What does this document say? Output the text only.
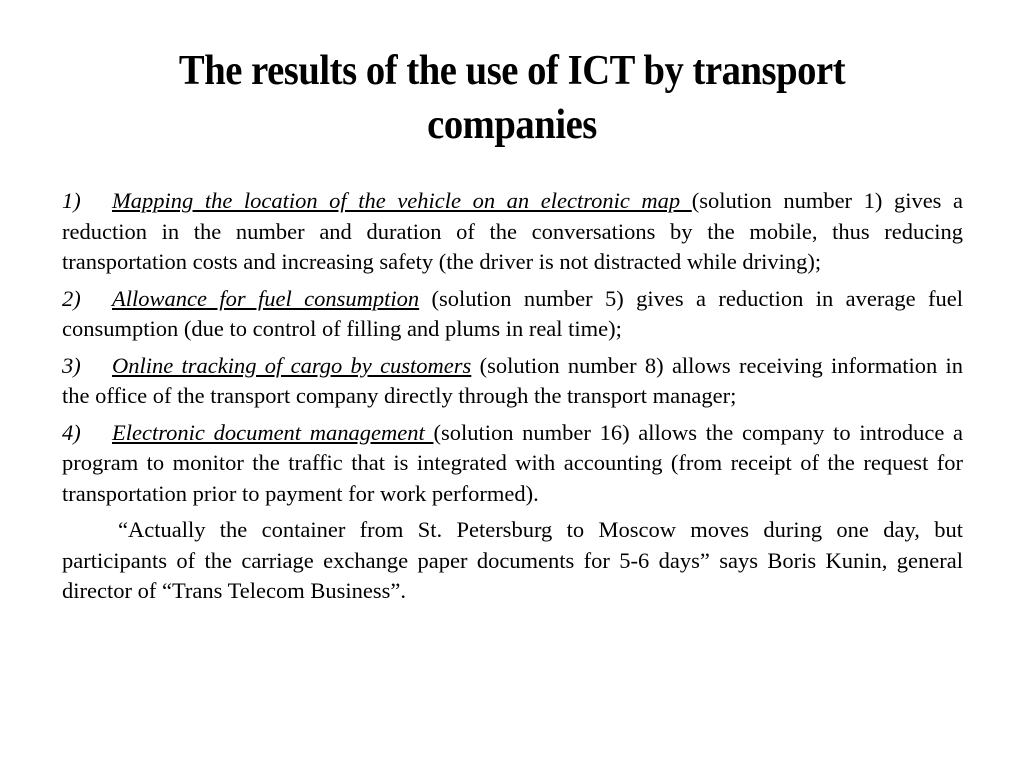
The results of the use of ICT by transport companies

1) Mapping the location of the vehicle on an electronic map (solution number 1) gives a reduction in the number and duration of the conversations by the mobile, thus reducing transportation costs and increasing safety (the driver is not distracted while driving);

2) Allowance for fuel consumption (solution number 5) gives a reduction in average fuel consumption (due to control of filling and plums in real time);

3) Online tracking of cargo by customers (solution number 8) allows receiving information in the office of the transport company directly through the transport manager;

4) Electronic document management (solution number 16) allows the company to introduce a program to monitor the traffic that is integrated with accounting (from receipt of the request for transportation prior to payment for work performed).

“Actually the container from St. Petersburg to Moscow moves during one day, but participants of the carriage exchange paper documents for 5-6 days” says Boris Kunin, general director of “Trans Telecom Business”.
